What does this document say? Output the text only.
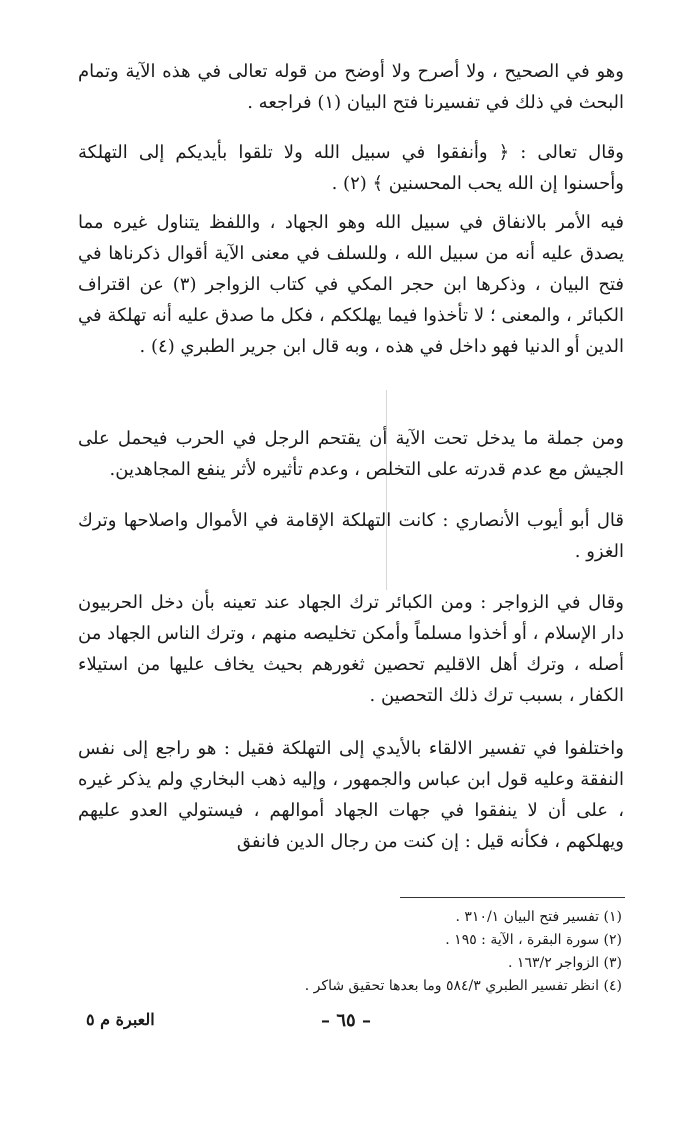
وهو في الصحيح ، ولا أصرح ولا أوضح من قوله تعالى في هذه الآية وتمام البحث في ذلك في تفسيرنا فتح البيان (١) فراجعه .

وقال تعالى : ﴿ وأنفقوا في سبيل الله ولا تلقوا بأيديكم إلى التهلكة وأحسنوا إن الله يحب المحسنين ﴾ (٢) .

فيه الأمر بالانفاق في سبيل الله وهو الجهاد ، واللفظ يتناول غيره مما يصدق عليه أنه من سبيل الله ، وللسلف في معنى الآية أقوال ذكرناها في فتح البيان ، وذكرها ابن حجر المكي في كتاب الزواجر (٣) عن اقتراف الكبائر ، والمعنى ؛ لا تأخذوا فيما يهلككم ، فكل ما صدق عليه أنه تهلكة في الدين أو الدنيا فهو داخل في هذه ، وبه قال ابن جرير الطبري (٤) .

ومن جملة ما يدخل تحت الآية أن يقتحم الرجل في الحرب فيحمل على الجيش مع عدم قدرته على التخلص ، وعدم تأثيره لأثر ينفع المجاهدين.

قال أبو أيوب الأنصاري : كانت التهلكة الإقامة في الأموال واصلاحها وترك الغزو .

وقال في الزواجر : ومن الكبائر ترك الجهاد عند تعينه بأن دخل الحربيون دار الإسلام ، أو أخذوا مسلماً وأمكن تخليصه منهم ، وترك الناس الجهاد من أصله ، وترك أهل الاقليم تحصين ثغورهم بحيث يخاف عليها من استيلاء الكفار ، بسبب ترك ذلك التحصين .

واختلفوا في تفسير الالقاء بالأيدي إلى التهلكة فقيل : هو راجع إلى نفس النفقة وعليه قول ابن عباس والجمهور ، وإليه ذهب البخاري ولم يذكر غيره ، على أن لا ينفقوا في جهات الجهاد أموالهم ، فيستولي العدو عليهم ويهلكهم ، فكأنه قيل : إن كنت من رجال الدين فانفق

(١) تفسير فتح البيان ٣١٠/١ .

(٢) سورة البقرة ، الآية : ١٩٥ .

(٣) الزواجر ١٦٣/٢ .

(٤) انظر تفسير الطبري ٥٨٤/٣ وما بعدها تحقيق شاكر .

– ٦٥ –
العبرة م ٥
